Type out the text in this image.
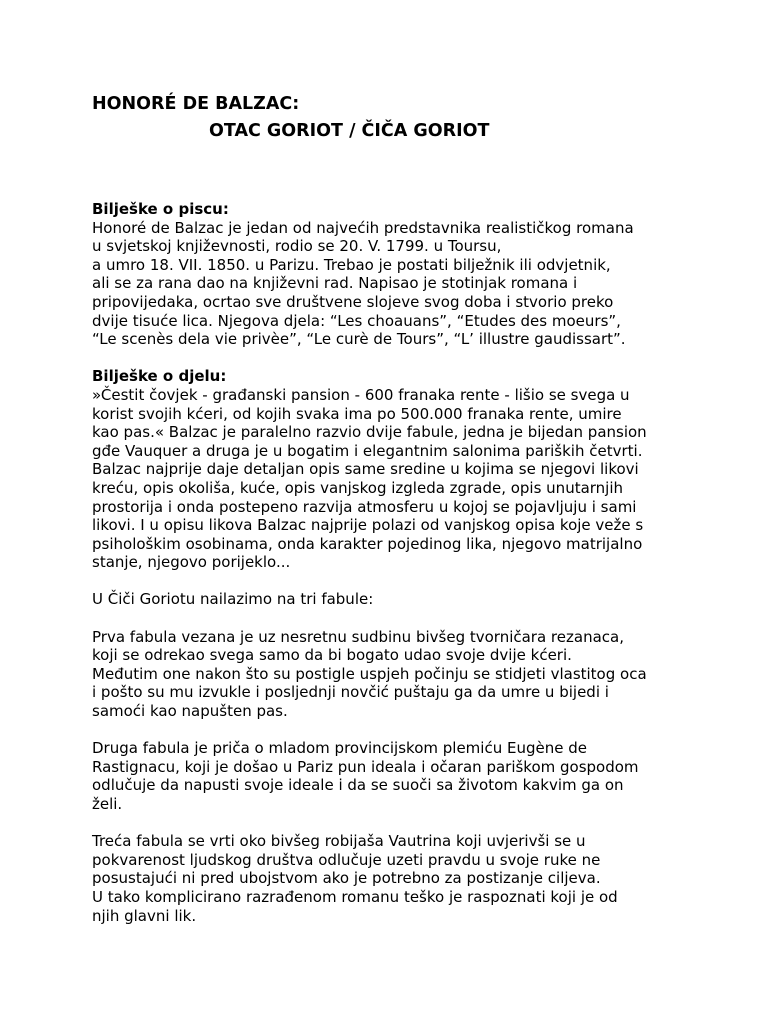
HONORÉ DE BALZAC:
OTAC GORIOT / ČIČA GORIOT
Bilješke o piscu:
Honoré de Balzac je jedan od najvećih predstavnika realističkog romana
u svjetskoj književnosti, rodio se 20. V. 1799. u Toursu,
a umro 18. VII. 1850. u Parizu. Trebao je postati bilježnik ili odvjetnik,
ali se za rana dao na književni rad. Napisao je stotinjak romana i
pripovijedaka, ocrtao sve društvene slojeve svog doba i stvorio preko
dvije tisuće lica. Njegova djela: “Les choauans”, “Etudes des moeurs”,
“Le scenès dela vie privèe”, “Le curè de Tours”, “L’ illustre gaudissart”.
Bilješke o djelu:
»Čestit čovjek - građanski pansion - 600 franaka rente - lišio se svega u
korist svojih kćeri, od kojih svaka ima po 500.000 franaka rente, umire
kao pas.« Balzac je paralelno razvio dvije fabule, jedna je bijedan pansion
gđe Vauquer a druga je u bogatim i elegantnim salonima pariških četvrti.
Balzac najprije daje detaljan opis same sredine u kojima se njegovi likovi
kreću, opis okoliša, kuće, opis vanjskog izgleda zgrade, opis unutarnjih
prostorija i onda postepeno razvija atmosferu u kojoj se pojavljuju i sami
likovi. I u opisu likova Balzac najprije polazi od vanjskog opisa koje veže s
psihološkim osobinama, onda karakter pojedinog lika, njegovo matrijalno
stanje, njegovo porijeklo...
U Čiči Goriotu nailazimo na tri fabule:
Prva fabula vezana je uz nesretnu sudbinu bivšeg tvorničara rezanaca,
koji se odrekao svega samo da bi bogato udao svoje dvije kćeri.
Međutim one nakon što su postigle uspjeh počinju se stidjeti vlastitog oca
i pošto su mu izvukle i posljednji novčić puštaju ga da umre u bijedi i
samoći kao napušten pas.
Druga fabula je priča o mladom provincijskom plemiću Eugène de
Rastignacu, koji je došao u Pariz pun ideala i očaran pariškom gospodom
odlučuje da napusti svoje ideale i da se suoči sa životom kakvim ga on
želi.
Treća fabula se vrti oko bivšeg robijaša Vautrina koji uvjerivši se u
pokvarenost ljudskog društva odlučuje uzeti pravdu u svoje ruke ne
posustajući ni pred ubojstvom ako je potrebno za postizanje ciljeva.
U tako komplicirano razrađenom romanu teško je raspoznati koji je od
njih glavni lik.
